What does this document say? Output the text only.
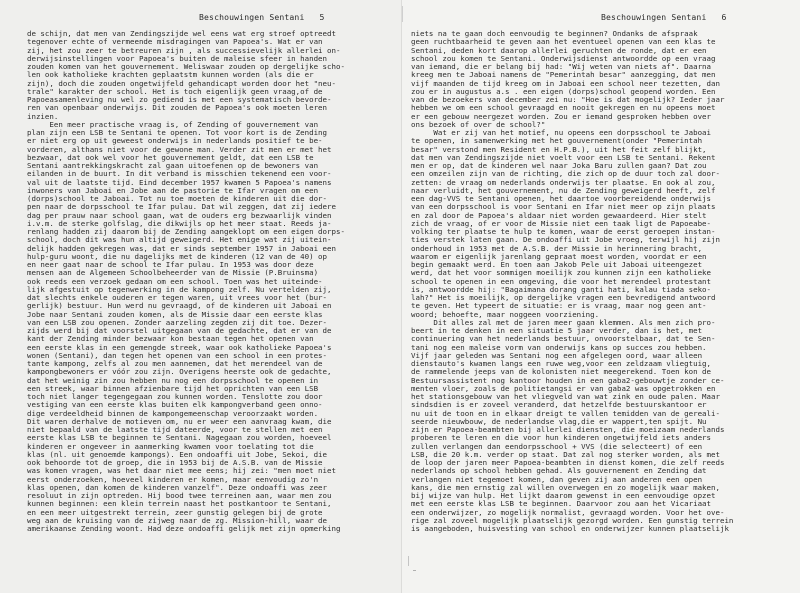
Beschouwingen Sentani 5
de schijn, dat men van Zendingszijde wel eens wat erg stroef optreedt
tegenover echte of vermeende misdragingen van Papoea's. Wat er van
zij, het zou zeer te betreuren zijn , als successievelijk allerlei on-
derwijsinstellingen voor Papoea's buiten de maleise sfeer in handen
zouden komen van het gouvernement. Weliswaar zouden op dergelijke scho-
len ook katholieke krachten geplaatstm kunnen worden (als die er
zijn), doch die zouden ongetwijfeld gehandicapt worden door het "neu-
trale" karakter der school. Het is toch eigenlijk geen vraag,of de
Papoeasamenleving nu wel zo gediend is met een systematisch bevorde-
ren van openbaar onderwijs. Dit zouden de Papoea's ook moeten leren
inzien.
Een meer practische vraag is, of Zending of gouvernement van
plan zijn een LSB te Sentani te openen. Tot voor kort is de Zending
er niet erg op uit geweest onderwijs in nederlands positief te be-
vorderen, althans niet voor de gewone man. Verder zit men er met het
bezwaar, dat ook wel voor het gouvernement geldt, dat een LSB te
Sentani aantrekkingskracht zal gaan uitoefenen op de bewoners van
eilanden in de buurt. In dit verband is misschien tekenend een voor-
val uit de laatste tijd. Eind december 1957 kwamen 5 Papoea's namens
inwoners van Jaboai en Jobe aan de pastorie te Ifar vragen om een
(dorps)school te Jaboai. Tot nu toe moeten de kinderen uit die dor-
pen naar de dorpsschool te Ifar pulau. Dat wil zeggen, dat zij iedere
dag per prauw naar school gaan, wat de ouders erg bezwaarlijk vinden
i.v.m. de sterke golfslag, die dikwijls op het meer staat. Reeds ja-
renlang hadden zij daarom bij de Zending aangeklopt om een eigen dorps-
school, doch dit was hun altijd geweigerd. Het enige wat zij uitein-
delijk hadden gekregen was, dat er sinds september 1957 in Jaboai een
hulp-guru woont, die nu dagelijks met de kinderen (12 van de 40) op
en neer gaat naar de school te Ifar pulau. In 1953 was door deze
mensen aan de Algemeen Schoolbeheerder van de Missie (P.Bruinsma)
ook reeds een verzoek gedaan om een school. Toen was het uiteinde-
lijk afgestuit op tegenwerking in de kampong zelf. Nu vertelden zij,
dat slechts enkele ouderen er tegen waren, uit vrees voor het (bur-
gerlijk) bestuur. Hun werd nu gevraagd, of de kinderen uit Jaboai en
Jobe naar Sentani zouden komen, als de Missie daar een eerste klas
van een LSB zou openen. Zonder aarzeling zegden zij dit toe. Dezer-
zijds werd bij dat voorstel uitgegaan van de gedachte, dat er van de
kant der Zending minder bezwaar kon bestaan tegen het openen van
een eerste klas in een gemengde streek, waar ook katholieke Papoea's
wonen (Sentani), dan tegen het openen van een school in een protes-
tante kampong, zelfs al zou men aannemen, dat het merendeel van de
kampongbewoners er vóór zou zijn. Overigens heerste ook de gedachte,
dat het weinig zin zou hebben nu nog een dorpsschool te openen in
een streek, waar binnen afzienbare tijd het oprichten van een LSB
toch niet langer tegengegaan zou kunnen worden. Tenslotte zou door
vestiging van een eerste klas buiten elk kampongverband geen onno-
dige verdeeldheid binnen de kampongemeenschap veroorzaakt worden.
Dit waren derhalve de motieven om, nu er weer een aanvraag kwam, die
niet bepaald van de laatste tijd dateerde, voor te stellen met een
eerste klas LSB te beginnen te Sentani. Nagegaan zou worden, hoeveel
kinderen er ongeveer in aanmerking kwamen voor toelating tot die
klas (nl. uit genoemde kampongs). Een ondoaffi uit Jobe, Sekoi, die
ook behoorde tot de groep, die in 1953 bij de A.S.B. van de Missie
was komen vragen, was het daar niet mee eens; hij zei: "men moet niet
eerst onderzoeken, hoeveel kinderen er komen, maar eenvoudig zo'n
klas openen, dan komen de kinderen vanzelf". Deze ondoaffi was zeer
resoluut in zijn optreden. Hij bood twee terreinen aan, waar men zou
kunnen beginnen: een klein terrein naast het postkantoor te Sentani,
en een meer uitgestrekt terrein, zeer gunstig gelegen bij de grote
weg aan de kruising van de zijweg naar de zg. Mission-hill, waar de
amerikaanse Zending woont. Had deze ondoaffi gelijk met zijn opmerking
Beschouwingen Sentani 6
niets na te gaan doch eenvoudig te beginnen? Ondanks de afspraak
geen ruchtbaarheid te geven aan het eventueel openen van een klas te
Sentani, deden kort daarop allerlei geruchten de ronde, dat er een
school zou komen te Sentani. Onderwijsdienst antwoordde op een vraag
van iemand, die er belang bij had: "Wij weten van niets af". Daarna
kreeg men te Jaboai namens de "Pemerintah besar" aanzegging, dat men
vijf maanden de tijd kreeg om in Jaboai een school neer tezetten, dan
zou er in augustus a.s . een eigen (dorps)school geopend worden. Een
van de bezoekers van december zei nu: "Hoe is dat mogelijk? Ieder jaar
hebben we om een school gevraagd en nooit gekregen en nu opeens moet
er een gebouw neergezet worden. Zou er iemand gesproken hebben over
ons bezoek of over de school?"
Wat er zij van het motief, nu opeens een dorpsschool te Jaboai
te openen, in samenwerking met het gouvernement(onder "Pemerintah
besar" verstond men Resident en H.P.B.), uit het feit zelf blijkt,
dat men van Zendingszijde niet voelt voor een LSB te Sentani. Rekent
men er op, dat de kinderen wel naar Joka Baru zullen gaan? Dat zou
een omzeilen zijn van de richting, die zich op de duur toch zal door-
zetten: de vraag om nederlands onderwijs ter plaatse. En ook al zou,
naar verluidt, het gouvernement, nu de Zending geweigerd heeft, zelf
een dag-VVS te Sentani openen, het daartoe voorbereidende onderwijs
van een dorpsschool is voor Sentani en Ifar niet meer op zijn plaats
en zal door de Papoea's aldaar niet worden gewaardeerd. Hier stelt
zich de vraag, of er voor de Missie niet een taak ligt de Papoeabe-
volking ter plaatse te hulp te komen, waar de eerst geroepen instan-
ties verstek laten gaan. De ondoaffi uit Jobe vroeg, terwijl hij zijn
onderhoud in 1953 met de A.S.B. der Missie in herinnering bracht,
waarom er eigenlijk jarenlang gepraat moest worden, voordat er een
begin gemaakt werd. En toen aan Jakob Pele uit Jaboai uiteengezet
werd, dat het voor sommigen moeilijk zou kunnen zijn een katholieke
school te openen in een omgeving, die voor het merendeel protestant
is, antwoordde hij: "Bagaimana dorang ganti hati, kalau tiada seko-
lah?" Het is moeilijk, op dergelijke vragen een bevredigend antwoord
te geven. Het typeert de situatie: er is vraag, maar nog geen ant-
woord; behoefte, maar noggeen voorziening.
Dit alles zal met de jaren meer gaan klemmen. Als men zich pro-
beert in te denken in een situatie 5 jaar verder, dan is het, met
continuering van het nederlands bestuur, onvoorstelbaar, dat te Sen-
tani nog een maleise vorm van onderwijs kans op succes zou hebben.
Vijf jaar geleden was Sentani nog een afgelegen oord, waar alleen
dienstauto's kwamen langs een ruwe weg,voor een zeldzaam vliegtuig,
de rammelende jeeps van de kolonisten niet meegerekend. Toen kon de
Bestuursassistent nog kantoor houden in een gaba2-gebouwtje zonder ce-
menten vloer, zoals de politietangsi er van gaba2 was opgetrokken en
het stationsgebouw van het vliegveld van wat zink en oude palen. Maar
sindsdien is er zoveel veranderd, dat hetzelfde bestuurskantoor er
nu uit de toon en in elkaar dreigt te vallen temidden van de gereali-
seerde nieuwbouw, de nederlandse vlag,die er wappert,ten spijt. Nu
zijn er Papoea-beambten bij allerlei diensten, die moeizaam nederlands
proberen te leren en die voor hun kinderen ongetwijfeld iets anders
zullen verlangen dan eendorpsschool + VVS (die selecteert) of een
LSB, die 20 k.m. verder op staat. Dat zal nog sterker worden, als met
de loop der jaren meer Papoea-beambten in dienst komen, die zelf reeds
nederlands op school hebben gehad. Als gouvernement en Zending dat
verlangen niet tegemoet komen, dan geven zij aan anderen een open
kans, die men ernstig zal willen overwegen en zo mogelijk waar maken,
bij wijze van hulp. Het lijkt daarom gewenst in een eenvoudige opzet
met een eerste klas LSB te beginnen. Daarvoor zou aan het Vicariaat
een onderwijzer, zo mogelijk normalist, gevraagd worden. Voor het ove-
rige zal zoveel mogelijk plaatselijk gezorgd worden. Een gunstig terrein
is aangeboden, huisvesting van school en onderwijzer kunnen plaatselijk
